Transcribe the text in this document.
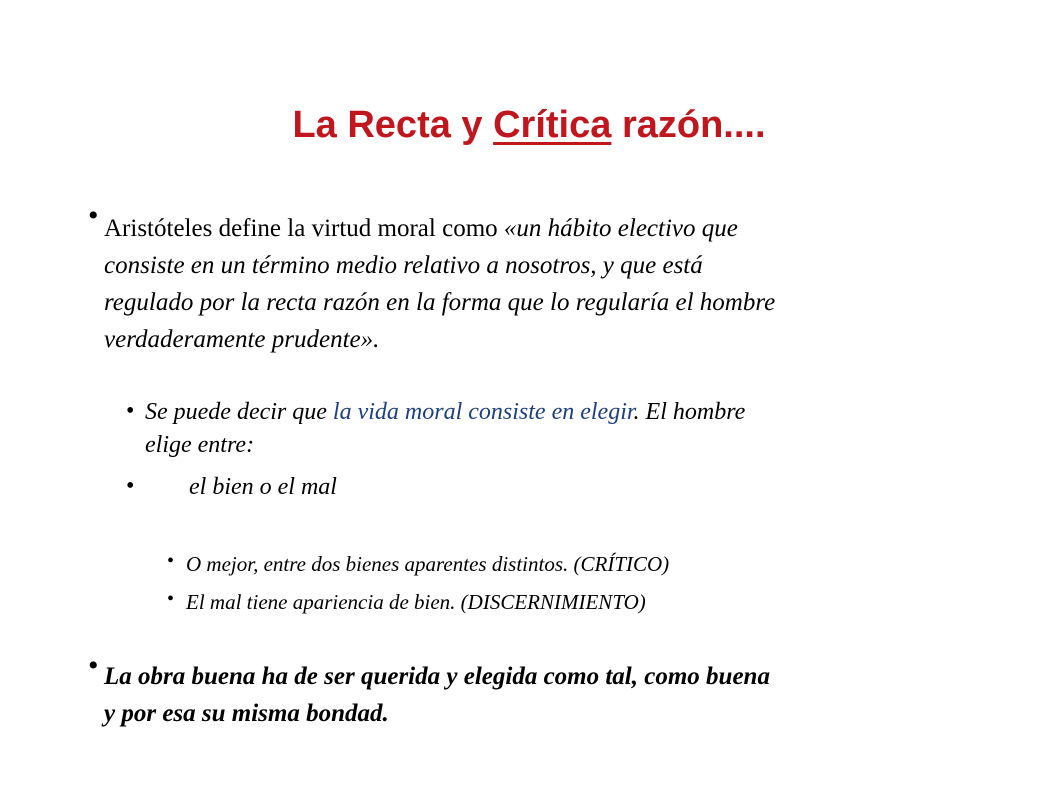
La Recta y Crítica razón....
• Aristóteles define la virtud moral como «un hábito electivo que
consiste en un término medio relativo a nosotros, y que está
regulado por la recta razón en la forma que lo regularía el hombre
verdaderamente prudente».
• Se puede decir que la vida moral consiste en elegir. El hombre
elige entre:
• el bien o el mal
• O mejor, entre dos bienes aparentes distintos. (CRÍTICO)
• El mal tiene apariencia de bien. (DISCERNIMIENTO)
• La obra buena ha de ser querida y elegida como tal, como buena
y por esa su misma bondad.
